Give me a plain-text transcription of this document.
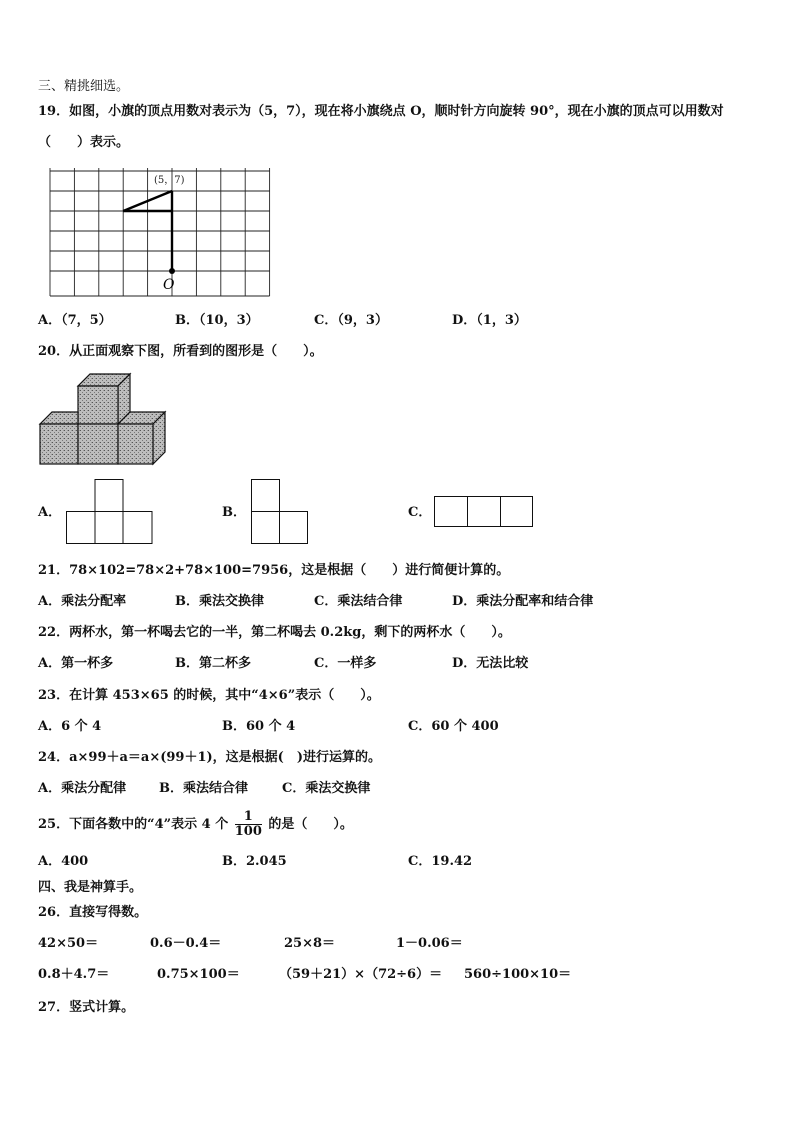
三、精挑细选。
19．如图，小旗的顶点用数对表示为（5，7），现在将小旗绕点 O，顺时针方向旋转 90°，现在小旗的顶点可以用数对
（　　）表示。
(5，7)
O
A．（7，5）	B．（10，3）	C．（9，3）	D．（1，3）
20．从正面观察下图，所看到的图形是（　　）。
A．	B．	C．
21．78×102=78×2+78×100=7956，这是根据（　　）进行简便计算的。
A．乘法分配率	B．乘法交换律	C．乘法结合律	D．乘法分配率和结合律
22．两杯水，第一杯喝去它的一半，第二杯喝去 0.2kg，剩下的两杯水（　　）。
A．第一杯多	B．第二杯多	C．一样多	D．无法比较
23．在计算 453×65 的时候，其中“4×6”表示（　　）。
A．6 个 4	B．60 个 4	C．60 个 400
24．a×99＋a＝a×(99＋1)，这是根据(　)进行运算的。
A．乘法分配律	B．乘法结合律	C．乘法交换律
25．下面各数中的“4”表示 4 个 $\frac{1}{100}$ 的是（　　）。
A．400	B．2.045	C．19.42
四、我是神算手。
26．直接写得数。
42×50＝	0.6－0.4＝	25×8＝	1－0.06＝
0.8＋4.7＝	0.75×100＝	（59＋21）×（72÷6）＝ 560÷100×10＝
27．竖式计算。
